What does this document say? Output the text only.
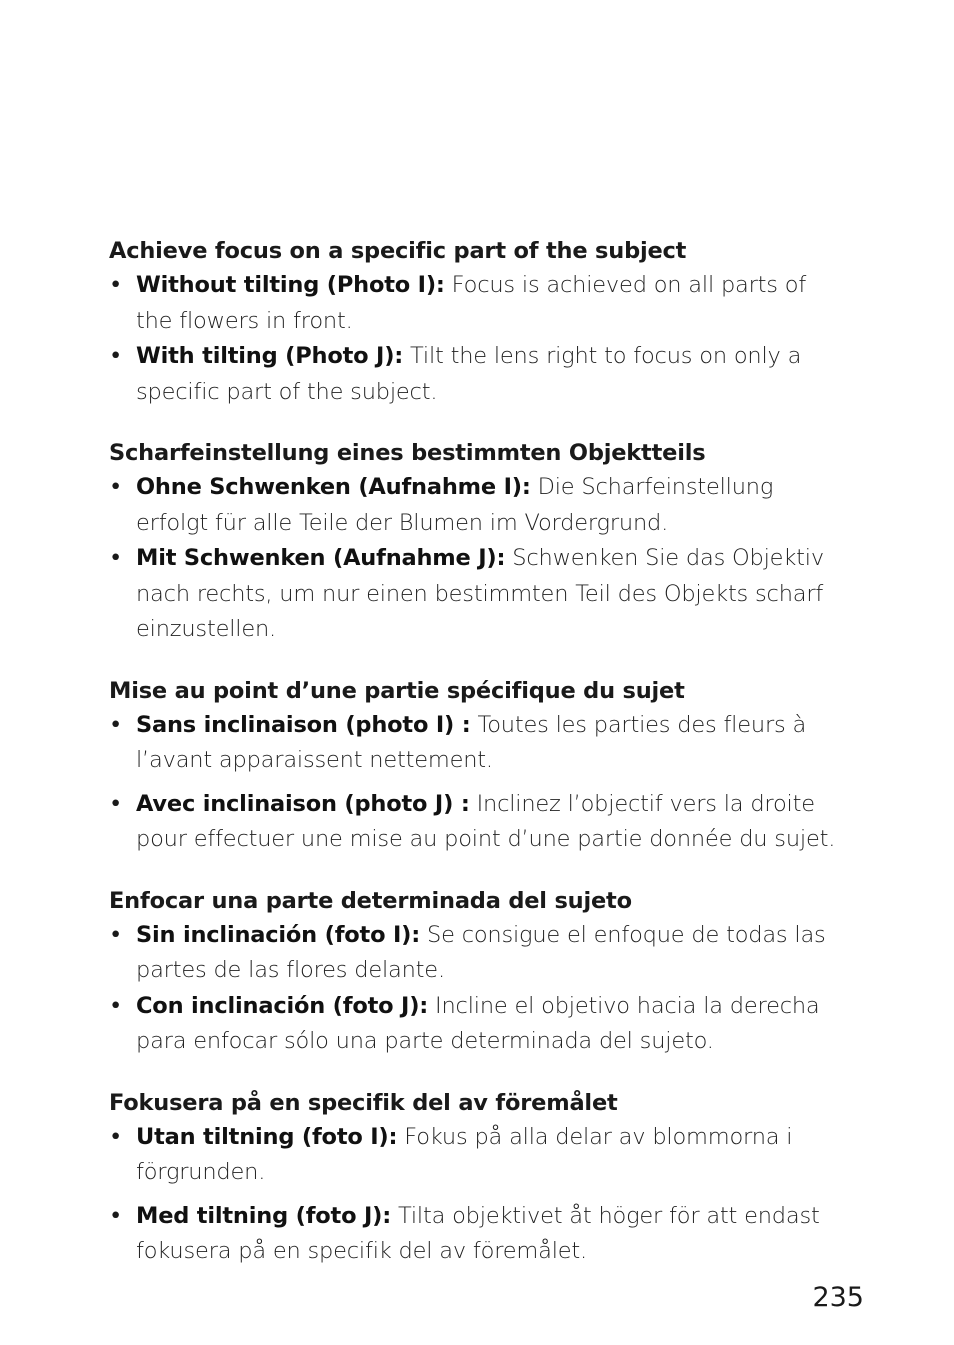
Achieve focus on a specific part of the subject
• Without tilting (Photo I): Focus is achieved on all parts of the flowers in front.
• With tilting (Photo J): Tilt the lens right to focus on only a specific part of the subject.
Scharfeinstellung eines bestimmten Objektteils
• Ohne Schwenken (Aufnahme I): Die Scharfeinstellung erfolgt für alle Teile der Blumen im Vordergrund.
• Mit Schwenken (Aufnahme J): Schwenken Sie das Objektiv nach rechts, um nur einen bestimmten Teil des Objekts scharf einzustellen.
Mise au point d’une partie spécifique du sujet
• Sans inclinaison (photo I) : Toutes les parties des fleurs à l’avant apparaissent nettement.
• Avec inclinaison (photo J) : Inclinez l’objectif vers la droite pour effectuer une mise au point d’une partie donnée du sujet.
Enfocar una parte determinada del sujeto
• Sin inclinación (foto I): Se consigue el enfoque de todas las partes de las flores delante.
• Con inclinación (foto J): Incline el objetivo hacia la derecha para enfocar sólo una parte determinada del sujeto.
Fokusera på en specifik del av föremålet
• Utan tiltning (foto I): Fokus på alla delar av blommorna i förgrunden.
• Med tiltning (foto J): Tilta objektivet åt höger för att endast fokusera på en specifik del av föremålet.
235
